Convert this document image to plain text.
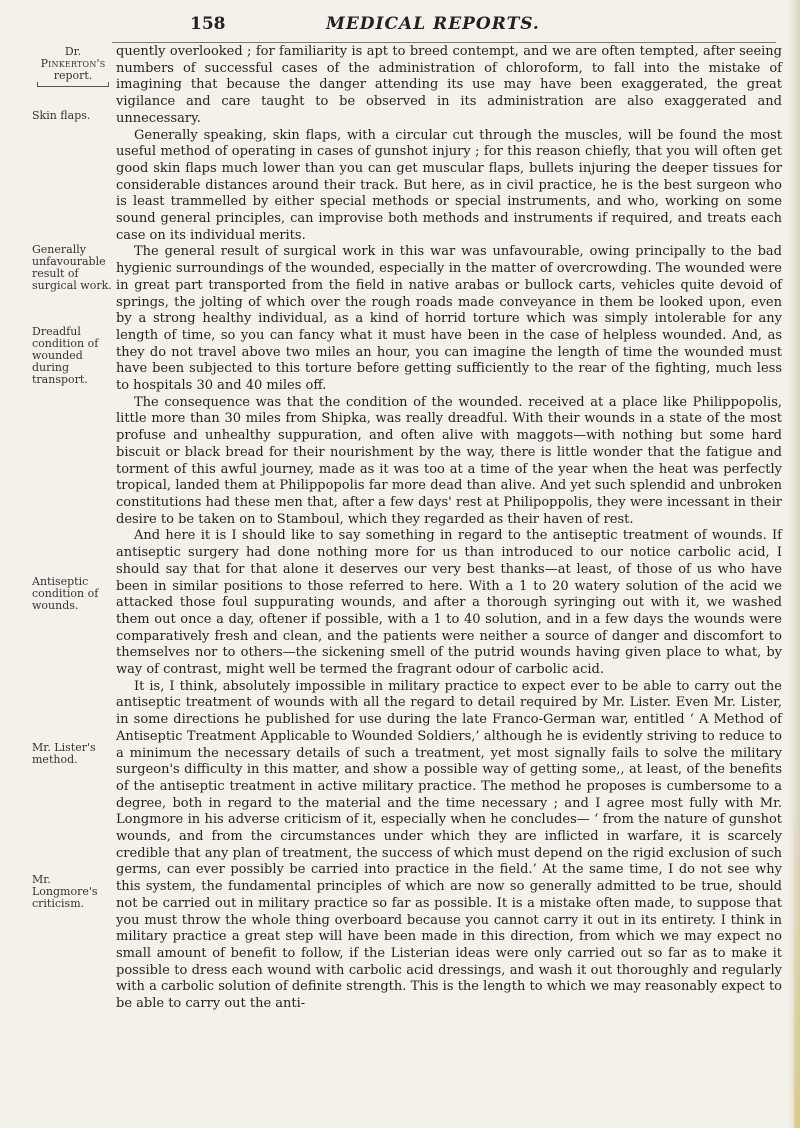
158	MEDICAL REPORTS.
Dr.
Pinkerton's
report.
Skin flaps.
Generally unfavourable result of surgical work.
Dreadful condition of wounded during transport.
Antiseptic condition of wounds.
Mr. Lister's method.
Mr. Longmore's criticism.

quently overlooked ; for familiarity is apt to breed contempt, and we are often tempted, after seeing numbers of successful cases of the administration of chloroform, to fall into the mistake of imagining that because the danger attending its use may have been exaggerated, the great vigilance and care taught to be observed in its administration are also exaggerated and unnecessary.

Generally speaking, skin flaps, with a circular cut through the muscles, will be found the most useful method of operating in cases of gunshot injury ; for this reason chiefly, that you will often get good skin flaps much lower than you can get muscular flaps, bullets injuring the deeper tissues for considerable distances around their track. But here, as in civil practice, he is the best surgeon who is least trammelled by either special methods or special instruments, and who, working on some sound general principles, can improvise both methods and instruments if required, and treats each case on its individual merits.

The general result of surgical work in this war was unfavourable, owing principally to the bad hygienic surroundings of the wounded, especially in the matter of overcrowding. The wounded were in great part transported from the field in native arabas or bullock carts, vehicles quite devoid of springs, the jolting of which over the rough roads made conveyance in them be looked upon, even by a strong healthy individual, as a kind of horrid torture which was simply intolerable for any length of time, so you can fancy what it must have been in the case of helpless wounded. And, as they do not travel above two miles an hour, you can imagine the length of time the wounded must have been subjected to this torture before getting sufficiently to the rear of the fighting, much less to hospitals 30 and 40 miles off.

The consequence was that the condition of the wounded. received at a place like Philippopolis, little more than 30 miles from Shipka, was really dreadful. With their wounds in a state of the most profuse and unhealthy suppuration, and often alive with maggots—with nothing but some hard biscuit or black bread for their nourishment by the way, there is little wonder that the fatigue and torment of this awful journey, made as it was too at a time of the year when the heat was perfectly tropical, landed them at Philippopolis far more dead than alive. And yet such splendid and unbroken constitutions had these men that, after a few days' rest at Philipoppolis, they were incessant in their desire to be taken on to Stamboul, which they regarded as their haven of rest.

And here it is I should like to say something in regard to the antiseptic treatment of wounds. If antiseptic surgery had done nothing more for us than introduced to our notice carbolic acid, I should say that for that alone it deserves our very best thanks—at least, of those of us who have been in similar positions to those referred to here. With a 1 to 20 watery solution of the acid we attacked those foul suppurating wounds, and after a thorough syringing out with it, we washed them out once a day, oftener if possible, with a 1 to 40 solution, and in a few days the wounds were comparatively fresh and clean, and the patients were neither a source of danger and discomfort to themselves nor to others—the sickening smell of the putrid wounds having given place to what, by way of contrast, might well be termed the fragrant odour of carbolic acid.

It is, I think, absolutely impossible in military practice to expect ever to be able to carry out the antiseptic treatment of wounds with all the regard to detail required by Mr. Lister. Even Mr. Lister, in some directions he published for use during the late Franco-German war, entitled ‘ A Method of Antiseptic Treatment Applicable to Wounded Soldiers,’ although he is evidently striving to reduce to a minimum the necessary details of such a treatment, yet most signally fails to solve the military surgeon's difficulty in this matter, and show a possible way of getting some,, at least, of the benefits of the antiseptic treatment in active military practice. The method he proposes is cumbersome to a degree, both in regard to the material and the time necessary ; and I agree most fully with Mr. Longmore in his adverse criticism of it, especially when he concludes— ‘ from the nature of gunshot wounds, and from the circumstances under which they are inflicted in warfare, it is scarcely credible that any plan of treatment, the success of which must depend on the rigid exclusion of such germs, can ever possibly be carried into practice in the field.’ At the same time, I do not see why this system, the fundamental principles of which are now so generally admitted to be true, should not be carried out in military practice so far as possible. It is a mistake often made, to suppose that you must throw the whole thing overboard because you cannot carry it out in its entirety. I think in military practice a great step will have been made in this direction, from which we may expect no small amount of benefit to follow, if the Listerian ideas were only carried out so far as to make it possible to dress each wound with carbolic acid dressings, and wash it out thoroughly and regularly with a carbolic solution of definite strength. This is the length to which we may reasonably expect to be able to carry out the anti-
